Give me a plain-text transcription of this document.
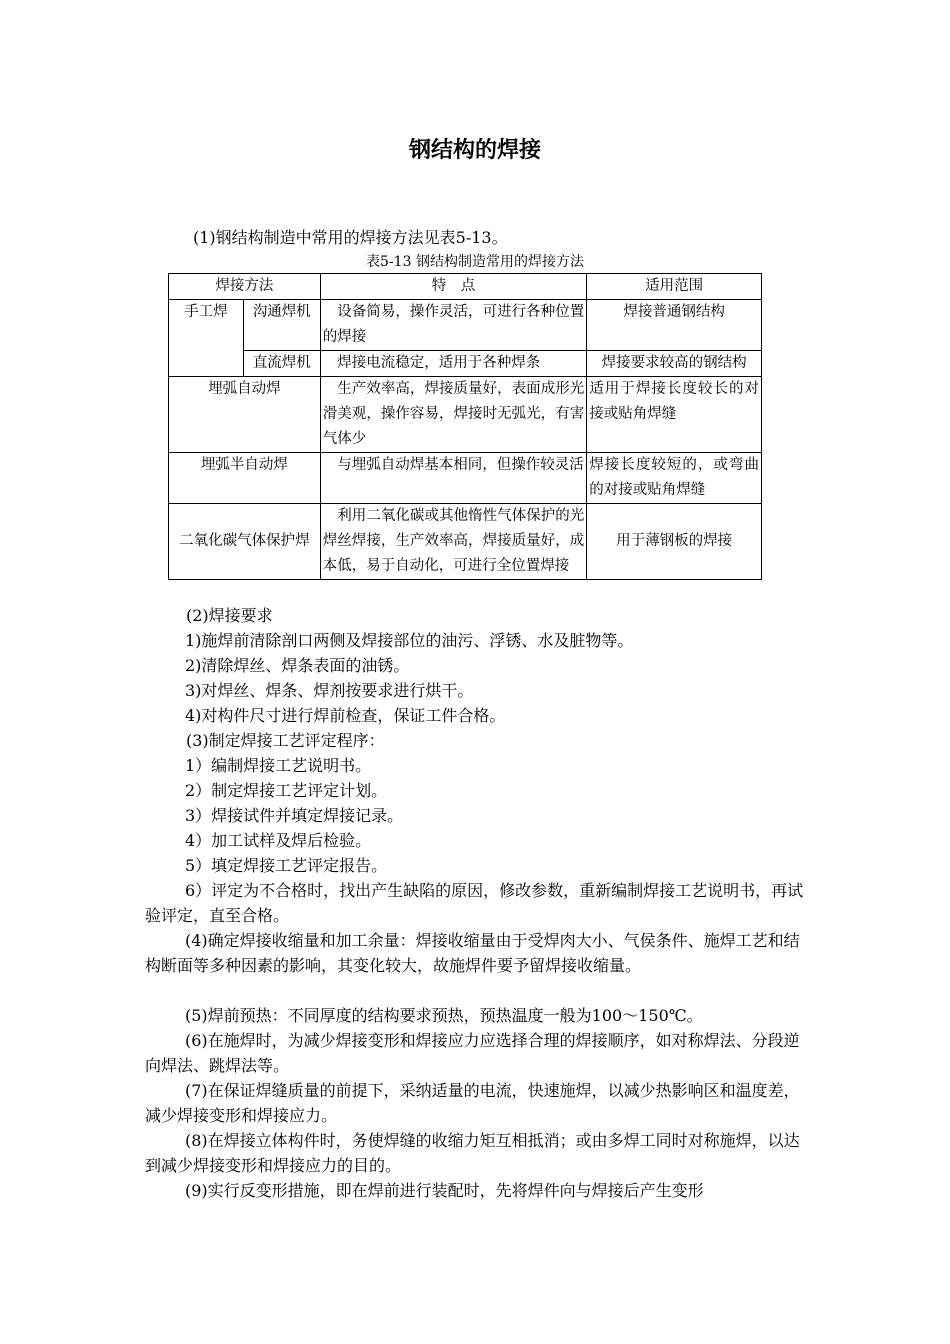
钢结构的焊接
(1)钢结构制造中常用的焊接方法见表5-13。
表5-13 钢结构制造常用的焊接方法
焊接方法		特　点	适用范围
手工焊	沟通焊机	　设备简易，操作灵活，可进行各种位置的焊接	焊接普通钢结构
	直流焊机	　焊接电流稳定，适用于各种焊条	焊接要求较高的钢结构
埋弧自动焊		　生产效率高，焊接质量好，表面成形光滑美观，操作容易，焊接时无弧光，有害气体少	适用于焊接长度较长的对接或贴角焊缝
埋弧半自动焊		　与埋弧自动焊基本相同，但操作较灵活	焊接长度较短的，或弯曲的对接或贴角焊缝
二氧化碳气体保护焊		　利用二氧化碳或其他惰性气体保护的光焊丝焊接，生产效率高，焊接质量好，成本低，易于自动化，可进行全位置焊接	用于薄钢板的焊接
(2)焊接要求
1)施焊前清除剖口两侧及焊接部位的油污、浮锈、水及脏物等。
2)清除焊丝、焊条表面的油锈。
3)对焊丝、焊条、焊剂按要求进行烘干。
4)对构件尺寸进行焊前检查，保证工件合格。
(3)制定焊接工艺评定程序：
1）编制焊接工艺说明书。
2）制定焊接工艺评定计划。
3）焊接试件并填定焊接记录。
4）加工试样及焊后检验。
5）填定焊接工艺评定报告。
6）评定为不合格时，找出产生缺陷的原因，修改参数，重新编制焊接工艺说明书，再试验评定，直至合格。
(4)确定焊接收缩量和加工余量：焊接收缩量由于受焊肉大小、气侯条件、施焊工艺和结构断面等多种因素的影响，其变化较大，故施焊件要予留焊接收缩量。
(5)焊前预热：不同厚度的结构要求预热，预热温度一般为100～150℃。
(6)在施焊时，为减少焊接变形和焊接应力应选择合理的焊接顺序，如对称焊法、分段逆向焊法、跳焊法等。
(7)在保证焊缝质量的前提下，采纳适量的电流，快速施焊，以减少热影响区和温度差，减少焊接变形和焊接应力。
(8)在焊接立体构件时，务使焊缝的收缩力矩互相抵消；或由多焊工同时对称施焊，以达到减少焊接变形和焊接应力的目的。
(9)实行反变形措施，即在焊前进行装配时，先将焊件向与焊接后产生变形
